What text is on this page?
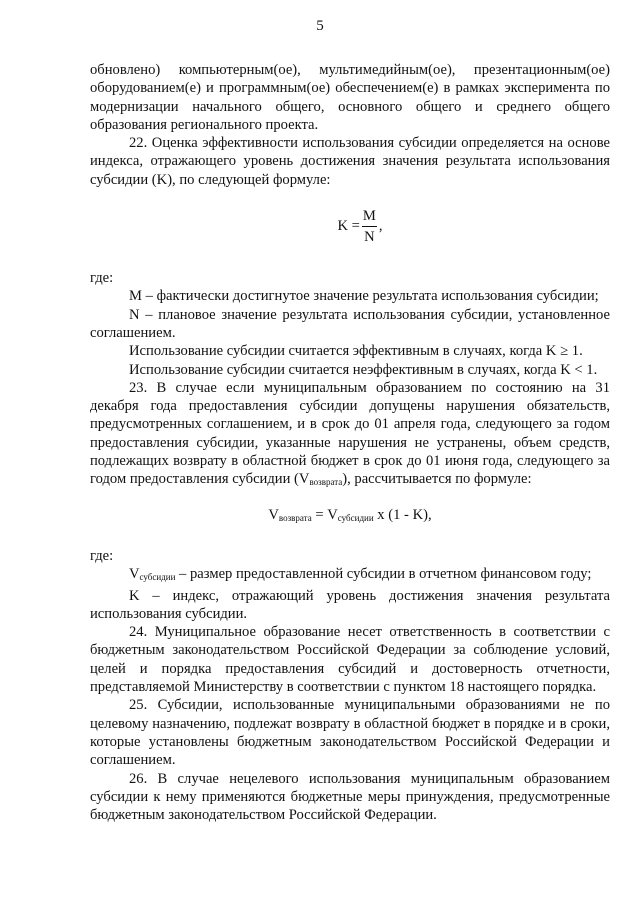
5

обновлено) компьютерным(ое), мультимедийным(ое), презентационным(ое) оборудованием(е) и программным(ое) обеспечением(е) в рамках эксперимента по модернизации начального общего, основного общего и среднего общего образования регионального проекта.

22. Оценка эффективности использования субсидии определяется на основе индекса, отражающего уровень достижения значения результата использования субсидии (K), по следующей формуле:

$K = \frac{M}{N}$ ,

где:

M – фактически достигнутое значение результата использования субсидии;

N – плановое значение результата использования субсидии, установленное соглашением.

Использование субсидии считается эффективным в случаях, когда K ≥ 1.

Использование субсидии считается неэффективным в случаях, когда K < 1.

23. В случае если муниципальным образованием по состоянию на 31 декабря года предоставления субсидии допущены нарушения обязательств, предусмотренных соглашением, и в срок до 01 апреля года, следующего за годом предоставления субсидии, указанные нарушения не устранены, объем средств, подлежащих возврату в областной бюджет в срок до 01 июня года, следующего за годом предоставления субсидии $(V_{возврата})$, рассчитывается по формуле:

$V_{возврата} = V_{субсидии}$ x (1 - K),

где:

$V_{субсидии}$ – размер предоставленной субсидии в отчетном финансовом году;

K – индекс, отражающий уровень достижения значения результата использования субсидии.

24. Муниципальное образование несет ответственность в соответствии с бюджетным законодательством Российской Федерации за соблюдение условий, целей и порядка предоставления субсидий и достоверность отчетности, представляемой Министерству в соответствии с пунктом 18 настоящего порядка.

25. Субсидии, использованные муниципальными образованиями не по целевому назначению, подлежат возврату в областной бюджет в порядке и в сроки, которые установлены бюджетным законодательством Российской Федерации и соглашением.

26. В случае нецелевого использования муниципальным образованием субсидии к нему применяются бюджетные меры принуждения, предусмотренные бюджетным законодательством Российской Федерации.
